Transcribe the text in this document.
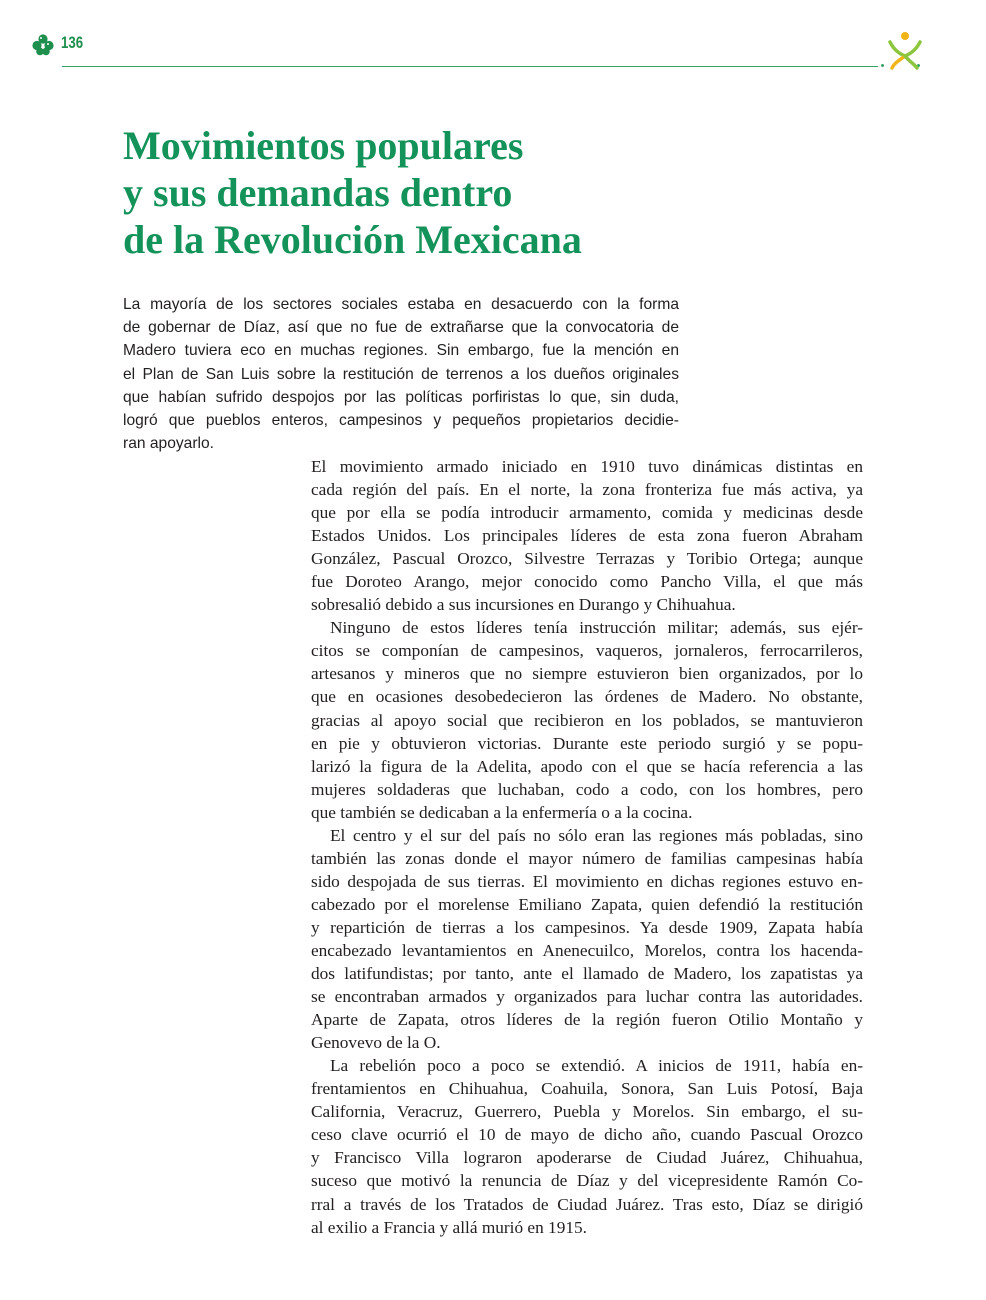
136
Movimientos populares
y sus demandas dentro
de la Revolución Mexicana

La mayoría de los sectores sociales estaba en desacuerdo con la forma
de gobernar de Díaz, así que no fue de extrañarse que la convocatoria de
Madero tuviera eco en muchas regiones. Sin embargo, fue la mención en
el Plan de San Luis sobre la restitución de terrenos a los dueños originales
que habían sufrido despojos por las políticas porfiristas lo que, sin duda,
logró que pueblos enteros, campesinos y pequeños propietarios decidie-
ran apoyarlo.

El movimiento armado iniciado en 1910 tuvo dinámicas distintas en
cada región del país. En el norte, la zona fronteriza fue más activa, ya
que por ella se podía introducir armamento, comida y medicinas desde
Estados Unidos. Los principales líderes de esta zona fueron Abraham
González, Pascual Orozco, Silvestre Terrazas y Toribio Ortega; aunque
fue Doroteo Arango, mejor conocido como Pancho Villa, el que más
sobresalió debido a sus incursiones en Durango y Chihuahua.

Ninguno de estos líderes tenía instrucción militar; además, sus ejér-
citos se componían de campesinos, vaqueros, jornaleros, ferrocarrileros,
artesanos y mineros que no siempre estuvieron bien organizados, por lo
que en ocasiones desobedecieron las órdenes de Madero. No obstante,
gracias al apoyo social que recibieron en los poblados, se mantuvieron
en pie y obtuvieron victorias. Durante este periodo surgió y se popu-
larizó la figura de la Adelita, apodo con el que se hacía referencia a las
mujeres soldaderas que luchaban, codo a codo, con los hombres, pero
que también se dedicaban a la enfermería o a la cocina.

El centro y el sur del país no sólo eran las regiones más pobladas, sino
también las zonas donde el mayor número de familias campesinas había
sido despojada de sus tierras. El movimiento en dichas regiones estuvo en-
cabezado por el morelense Emiliano Zapata, quien defendió la restitución
y repartición de tierras a los campesinos. Ya desde 1909, Zapata había
encabezado levantamientos en Anenecuilco, Morelos, contra los hacenda-
dos latifundistas; por tanto, ante el llamado de Madero, los zapatistas ya
se encontraban armados y organizados para luchar contra las autoridades.
Aparte de Zapata, otros líderes de la región fueron Otilio Montaño y
Genovevo de la O.

La rebelión poco a poco se extendió. A inicios de 1911, había en-
frentamientos en Chihuahua, Coahuila, Sonora, San Luis Potosí, Baja
California, Veracruz, Guerrero, Puebla y Morelos. Sin embargo, el su-
ceso clave ocurrió el 10 de mayo de dicho año, cuando Pascual Orozco
y Francisco Villa lograron apoderarse de Ciudad Juárez, Chihuahua,
suceso que motivó la renuncia de Díaz y del vicepresidente Ramón Co-
rral a través de los Tratados de Ciudad Juárez. Tras esto, Díaz se dirigió
al exilio a Francia y allá murió en 1915.
